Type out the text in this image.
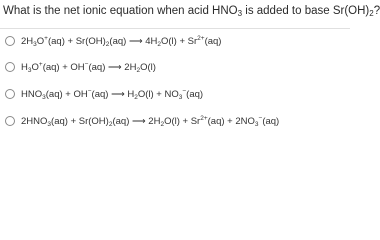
What is the net ionic equation when acid $HNO_3$ is added to base $Sr(OH)_2$?
$2H_3O^+(aq) + Sr(OH)_2(aq)$ ⟶ $4H_2O(l) + Sr^{2+}(aq)$
$H_3O^+(aq) + OH^-(aq)$ ⟶ $2H_2O(l)$
$HNO_3(aq) + OH^-(aq)$ ⟶ $H_2O(l) + NO_3^-(aq)$
$2HNO_3(aq) + Sr(OH)_2(aq)$ ⟶ $2H_2O(l) + Sr^{2+}(aq) + 2NO_3^-(aq)$
